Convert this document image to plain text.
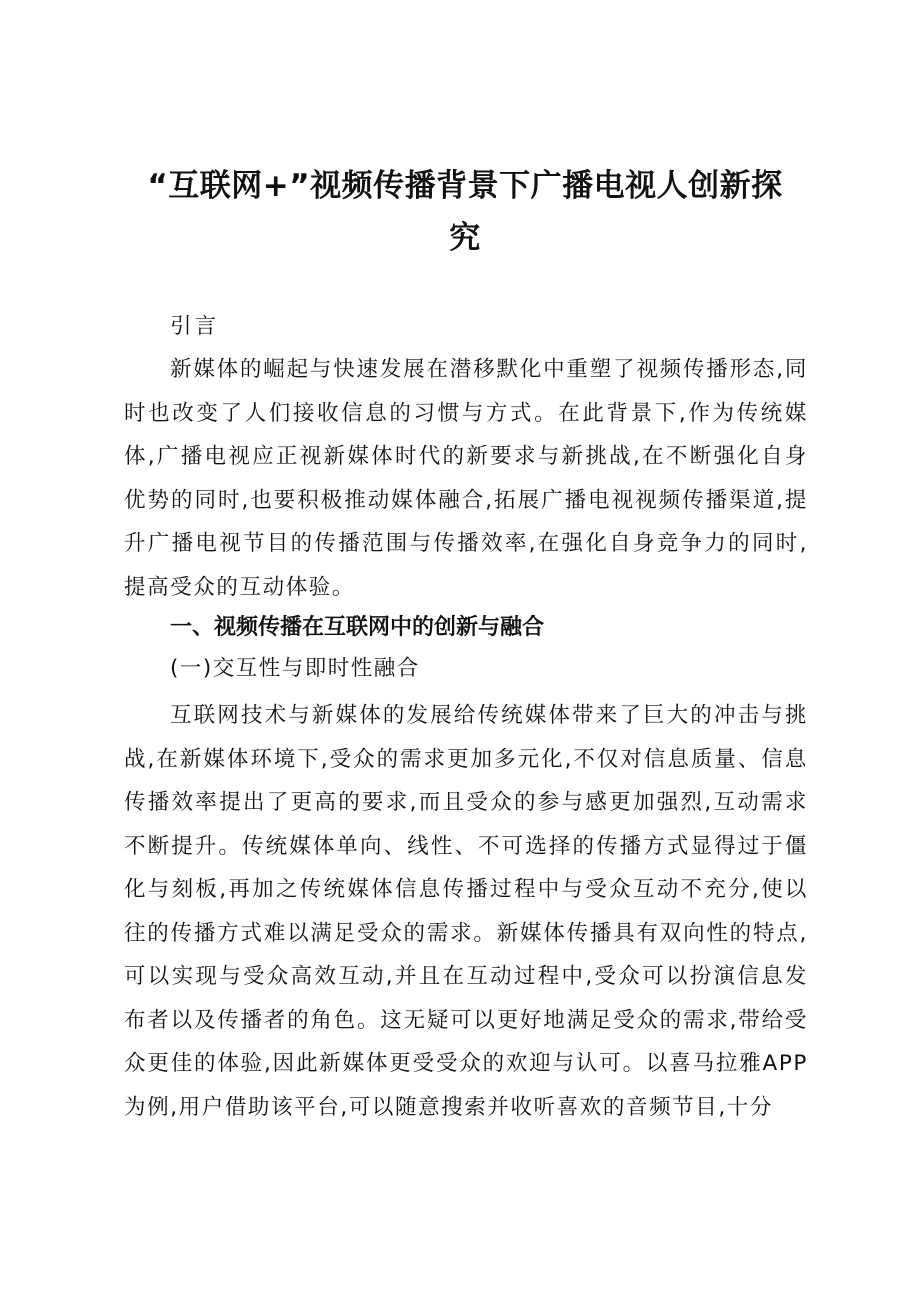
“互联网+”视频传播背景下广播电视人创新探究
引言
新媒体的崛起与快速发展在潜移默化中重塑了视频传播形态,同时也改变了人们接收信息的习惯与方式。在此背景下,作为传统媒体,广播电视应正视新媒体时代的新要求与新挑战,在不断强化自身优势的同时,也要积极推动媒体融合,拓展广播电视视频传播渠道,提升广播电视节目的传播范围与传播效率,在强化自身竞争力的同时,提高受众的互动体验。
一、视频传播在互联网中的创新与融合
(一)交互性与即时性融合
互联网技术与新媒体的发展给传统媒体带来了巨大的冲击与挑战,在新媒体环境下,受众的需求更加多元化,不仅对信息质量、信息传播效率提出了更高的要求,而且受众的参与感更加强烈,互动需求不断提升。传统媒体单向、线性、不可选择的传播方式显得过于僵化与刻板,再加之传统媒体信息传播过程中与受众互动不充分,使以往的传播方式难以满足受众的需求。新媒体传播具有双向性的特点,可以实现与受众高效互动,并且在互动过程中,受众可以扮演信息发布者以及传播者的角色。这无疑可以更好地满足受众的需求,带给受众更佳的体验,因此新媒体更受受众的欢迎与认可。以喜马拉雅APP为例,用户借助该平台,可以随意搜索并收听喜欢的音频节目,十分
